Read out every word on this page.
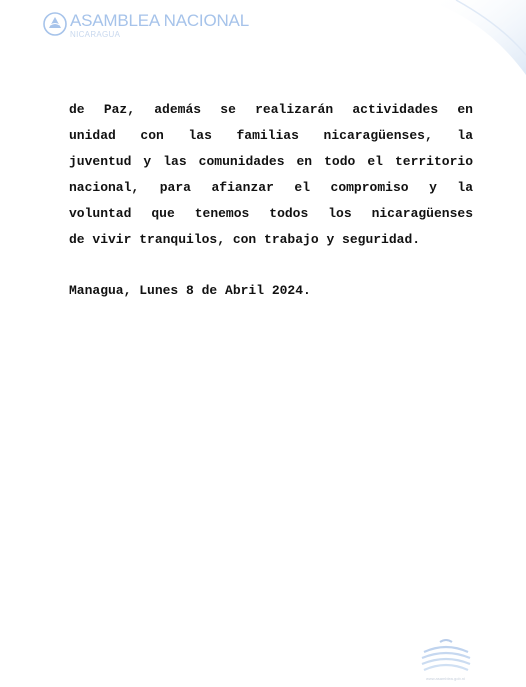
ASAMBLEA NACIONAL
NICARAGUA
de Paz, además se realizarán actividades en
unidad con las familias nicaragüenses, la
juventud y las comunidades en todo el territorio
nacional, para afianzar el compromiso y la
voluntad que tenemos todos los nicaragüenses
de vivir tranquilos, con trabajo y seguridad.
Managua, Lunes 8 de Abril 2024.
www.asamblea.gob.ni
